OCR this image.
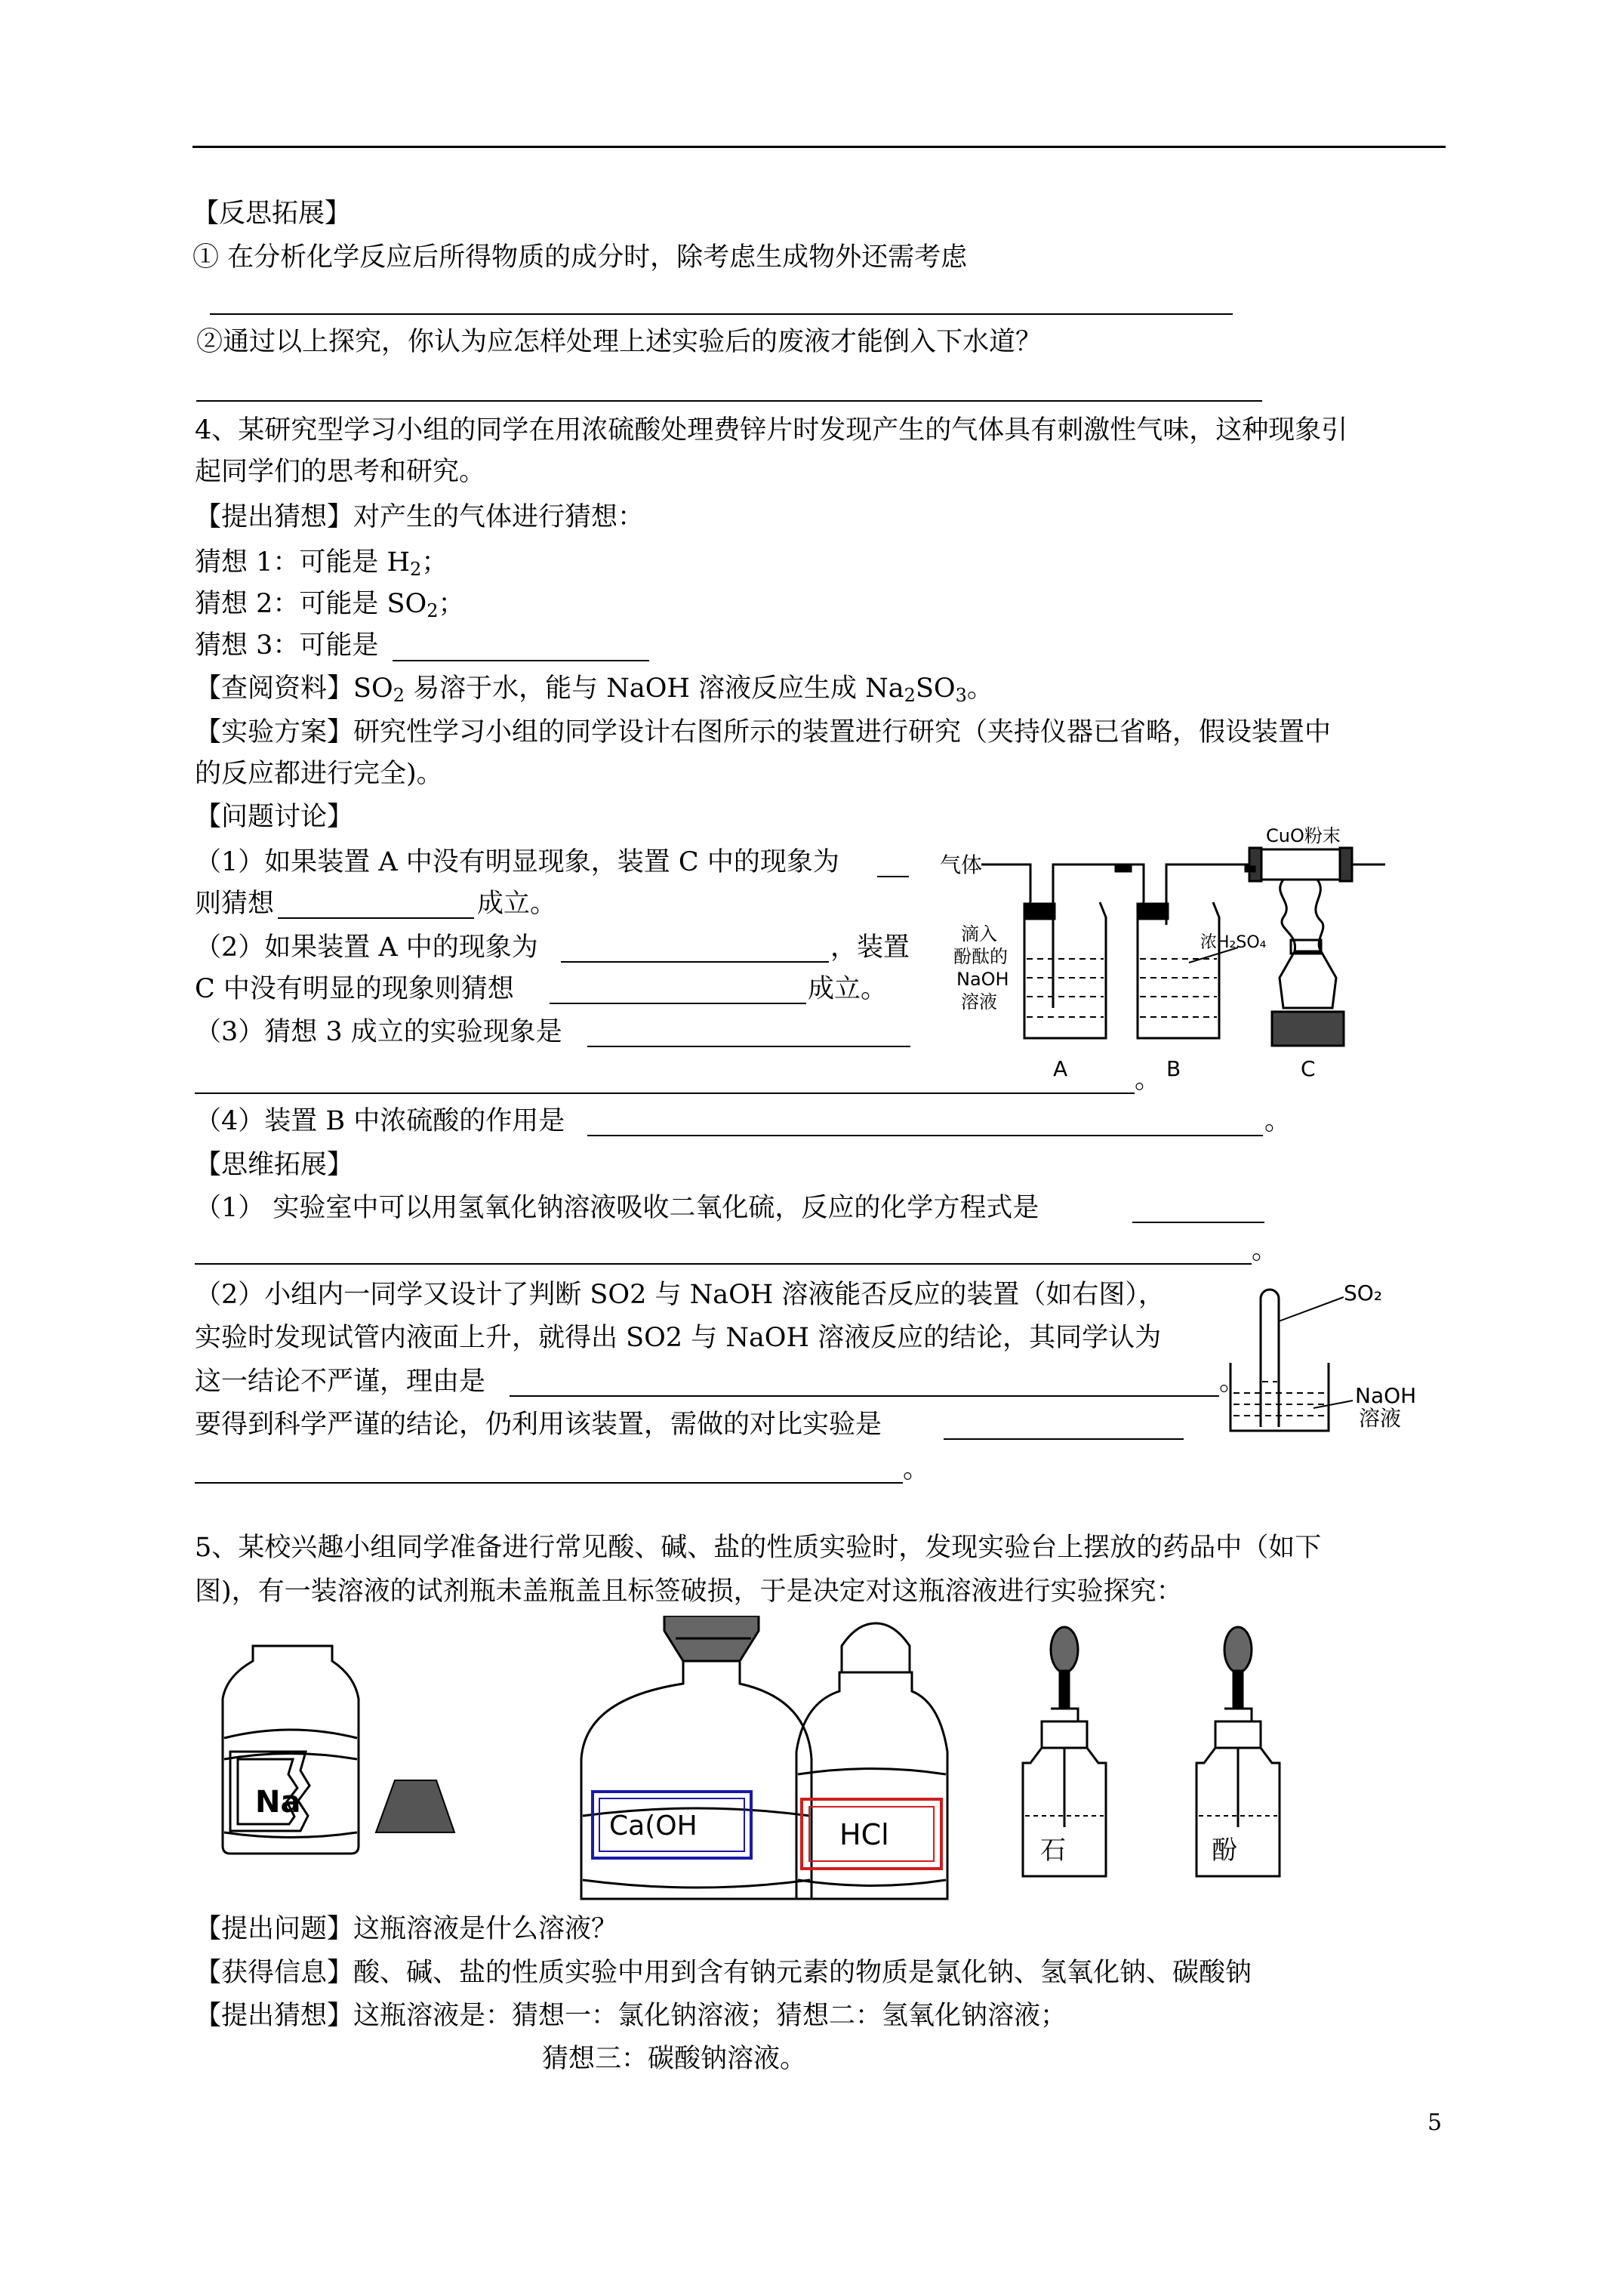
【反思拓展】
① 在分析化学反应后所得物质的成分时，除考虑生成物外还需考虑
②通过以上探究，你认为应怎样处理上述实验后的废液才能倒入下水道？
4、某研究型学习小组的同学在用浓硫酸处理费锌片时发现产生的气体具有刺激性气味，这种现象引
起同学们的思考和研究。
【提出猜想】对产生的气体进行猜想：
猜想 1：可能是 $H_2$；
猜想 2：可能是 $SO_2$；
猜想 3：可能是
【查阅资料】$SO_2$ 易溶于水，能与 NaOH 溶液反应生成 $Na_2SO_3$。
【实验方案】研究性学习小组的同学设计右图所示的装置进行研究（夹持仪器已省略，假设装置中
的反应都进行完全)。
【问题讨论】
（1）如果装置 A 中没有明显现象，装置 C 中的现象为
则猜想	成立。
（2）如果装置 A 中的现象为	，装置
C 中没有明显的现象则猜想	成立。
（3）猜想 3 成立的实验现象是
。
（4）装置 B 中浓硫酸的作用是	。
【思维拓展】
（1） 实验室中可以用氢氧化钠溶液吸收二氧化硫，反应的化学方程式是
。
（2）小组内一同学又设计了判断 SO2 与 NaOH 溶液能否反应的装置（如右图），
实验时发现试管内液面上升，就得出 SO2 与 NaOH 溶液反应的结论，其同学认为
这一结论不严谨，理由是	。
要得到科学严谨的结论，仍利用该装置，需做的对比实验是
。
气体
CuO粉末
滴入
酚酞的
NaOH
溶液
浓H₂SO₄
A	B	C
SO₂
NaOH
溶液
5、某校兴趣小组同学准备进行常见酸、碱、盐的性质实验时，发现实验台上摆放的药品中（如下
图)，有一装溶液的试剂瓶未盖瓶盖且标签破损，于是决定对这瓶溶液进行实验探究：
Na
Ca(OH	HCl	石	酚
【提出问题】这瓶溶液是什么溶液？
【获得信息】酸、碱、盐的性质实验中用到含有钠元素的物质是氯化钠、氢氧化钠、碳酸钠
【提出猜想】这瓶溶液是：猜想一：氯化钠溶液；猜想二：氢氧化钠溶液；
猜想三：碳酸钠溶液。
5
